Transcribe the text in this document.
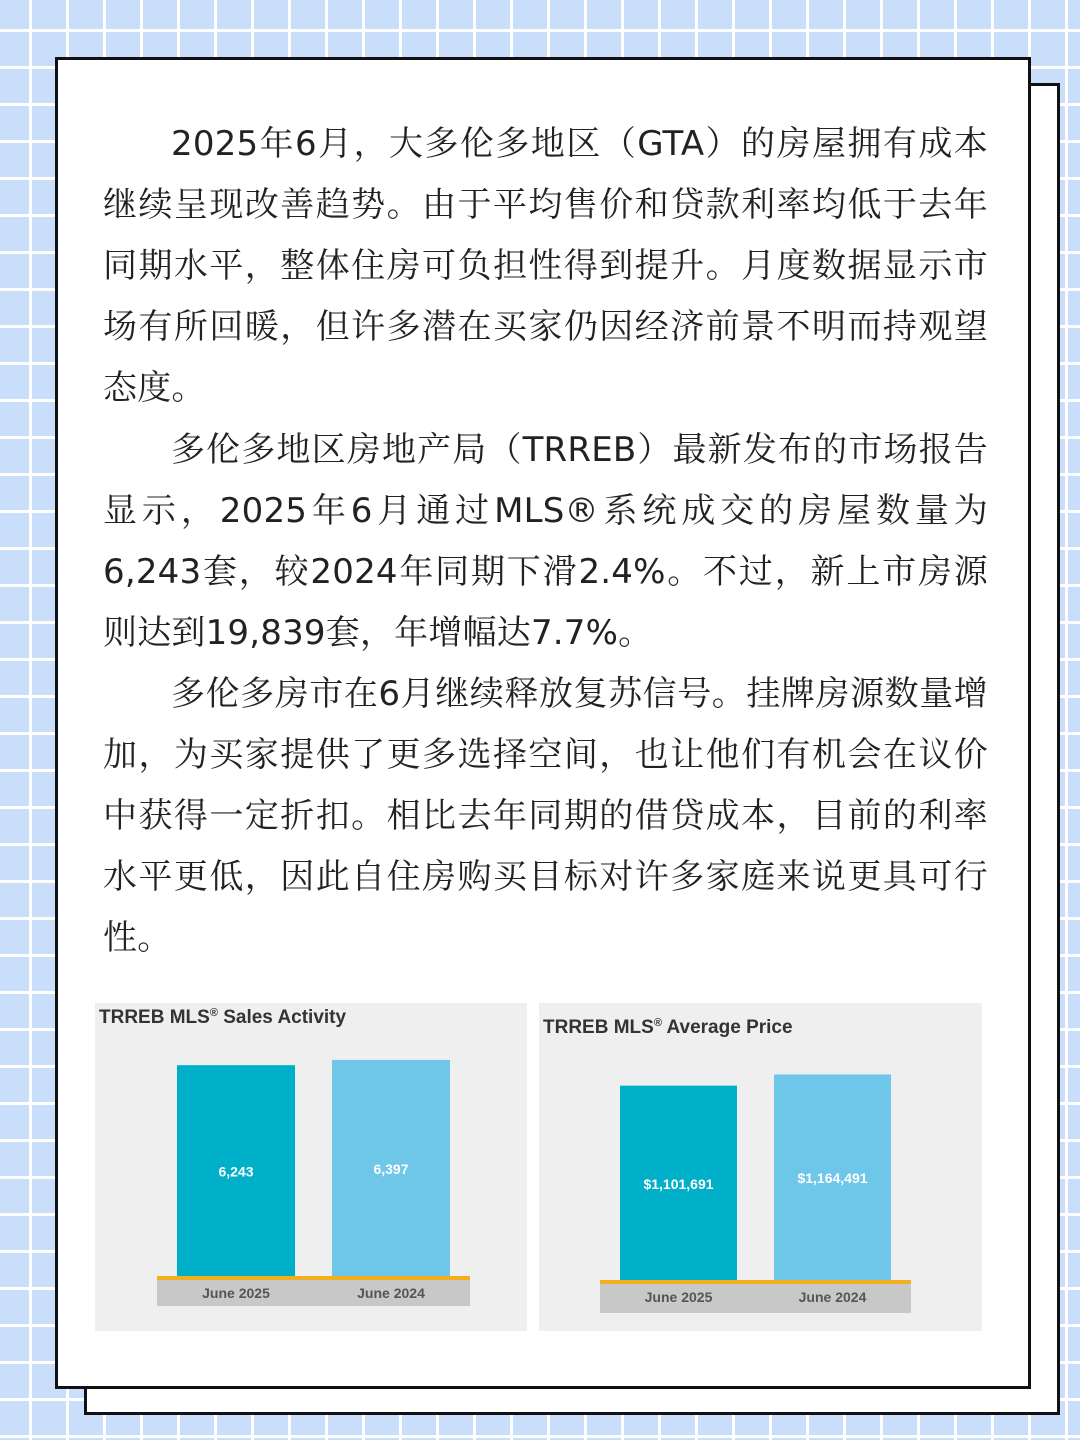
2025年6月，大多伦多地区（GTA）的房屋拥有成本继续呈现改善趋势。由于平均售价和贷款利率均低于去年同期水平，整体住房可负担性得到提升。月度数据显示市场有所回暖，但许多潜在买家仍因经济前景不明而持观望态度。

多伦多地区房地产局（TRREB）最新发布的市场报告显示，2025年6月通过MLS®系统成交的房屋数量为6,243套，较2024年同期下滑2.4%。不过，新上市房源则达到19,839套，年增幅达7.7%。

多伦多房市在6月继续释放复苏信号。挂牌房源数量增加，为买家提供了更多选择空间，也让他们有机会在议价中获得一定折扣。相比去年同期的借贷成本，目前的利率水平更低，因此自住房购买目标对许多家庭来说更具可行性。

TRREB MLS® Sales Activity
6,243
June 2025
6,397
June 2024
TRREB MLS® Average Price
$1,101,691
June 2025
$1,164,491
June 2024
